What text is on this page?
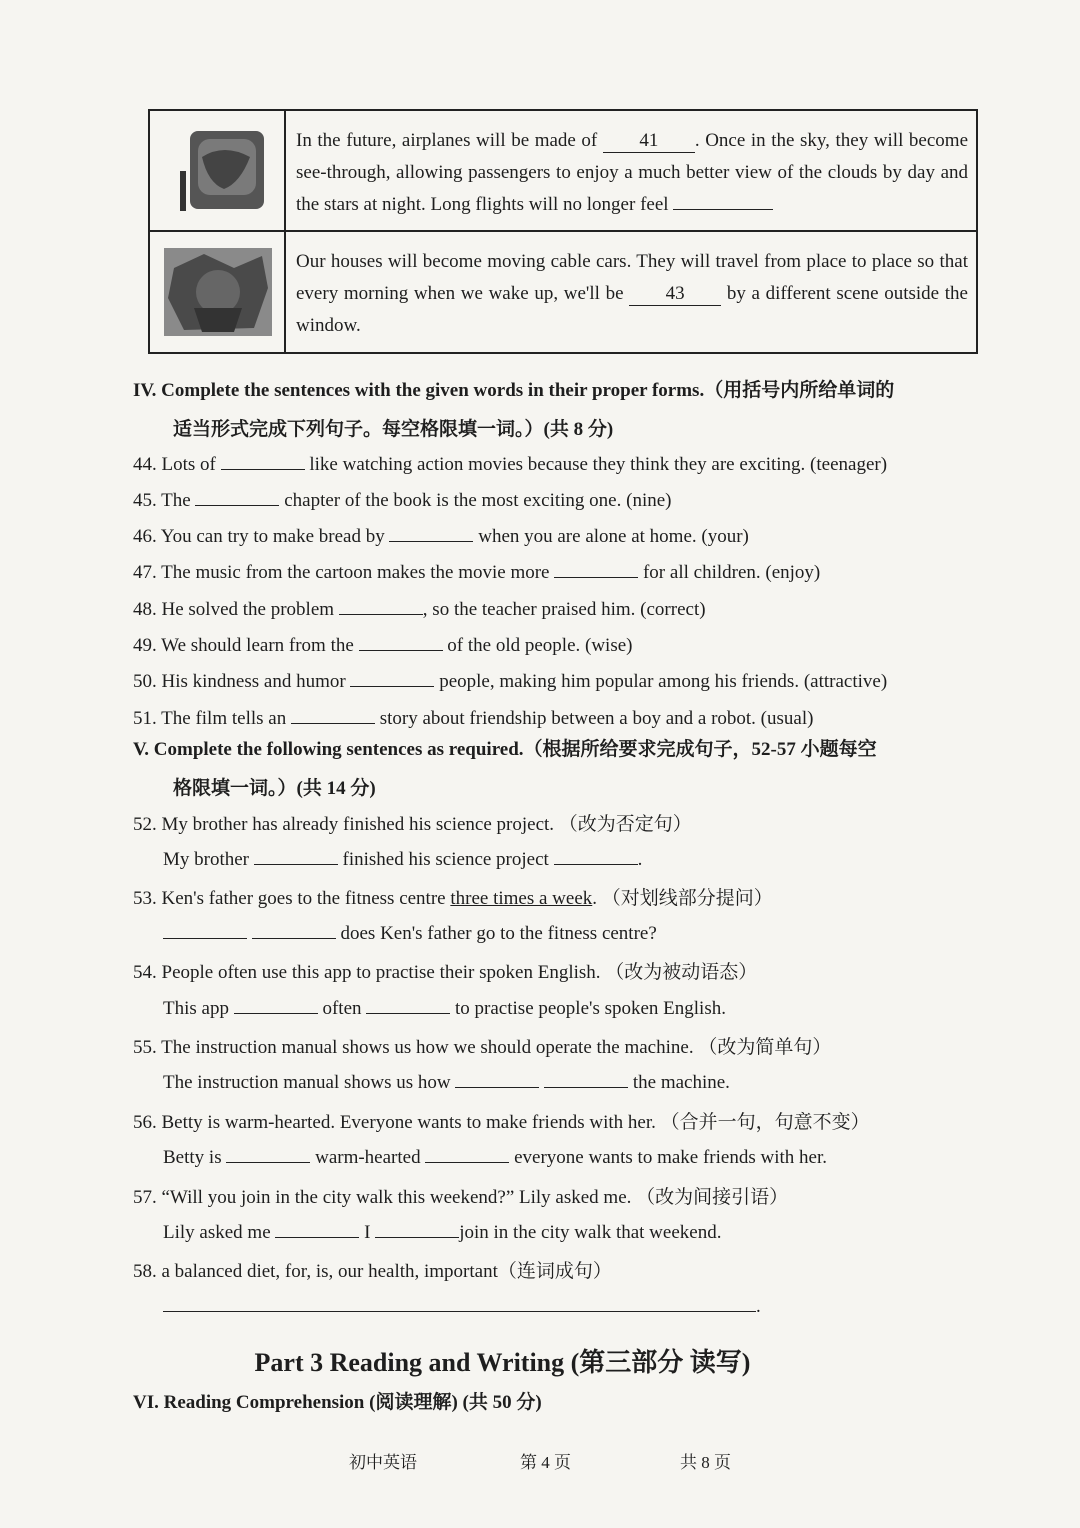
In the future, airplanes will be made of 41 . Once in the sky, they will become see-through, allowing passengers to enjoy a much better view of the clouds by day and the stars at night. Long flights will no longer feel
Our houses will become moving cable cars. They will travel from place to place so that every morning when we wake up, we'll be 43 by a different scene outside the window.
IV. Complete the sentences with the given words in their proper forms.（用括号内所给单词的
适当形式完成下列句子。每空格限填一词。）(共 8 分)
44. Lots of	like watching action movies because they think they are exciting. (teenager)
45. The	chapter of the book is the most exciting one. (nine)
46. You can try to make bread by	when you are alone at home. (your)
47. The music from the cartoon makes the movie more	for all children. (enjoy)
48. He solved the problem	, so the teacher praised him. (correct)
49. We should learn from the	of the old people. (wise)
50. His kindness and humor	people, making him popular among his friends. (attractive)
51. The film tells an	story about friendship between a boy and a robot. (usual)
V. Complete the following sentences as required.（根据所给要求完成句子，52-57 小题每空
格限填一词。）(共 14 分)
52. My brother has already finished his science project. （改为否定句）
My brother	finished his science project	.
53. Ken's father goes to the fitness centre three times a week. （对划线部分提问）
does Ken's father go to the fitness centre?
54. People often use this app to practise their spoken English. （改为被动语态）
This app	often	to practise people's spoken English.
55. The instruction manual shows us how we should operate the machine. （改为简单句）
The instruction manual shows us how	the machine.
56. Betty is warm-hearted. Everyone wants to make friends with her. （合并一句，句意不变）
Betty is	warm-hearted	everyone wants to make friends with her.
57. “Will you join in the city walk this weekend?” Lily asked me. （改为间接引语）
Lily asked me	I	join in the city walk that weekend.
58. a balanced diet, for, is, our health, important（连词成句）
.
Part 3 Reading and Writing (第三部分 读写)
VI. Reading Comprehension (阅读理解) (共 50 分)
初中英语	第 4 页	共 8 页
